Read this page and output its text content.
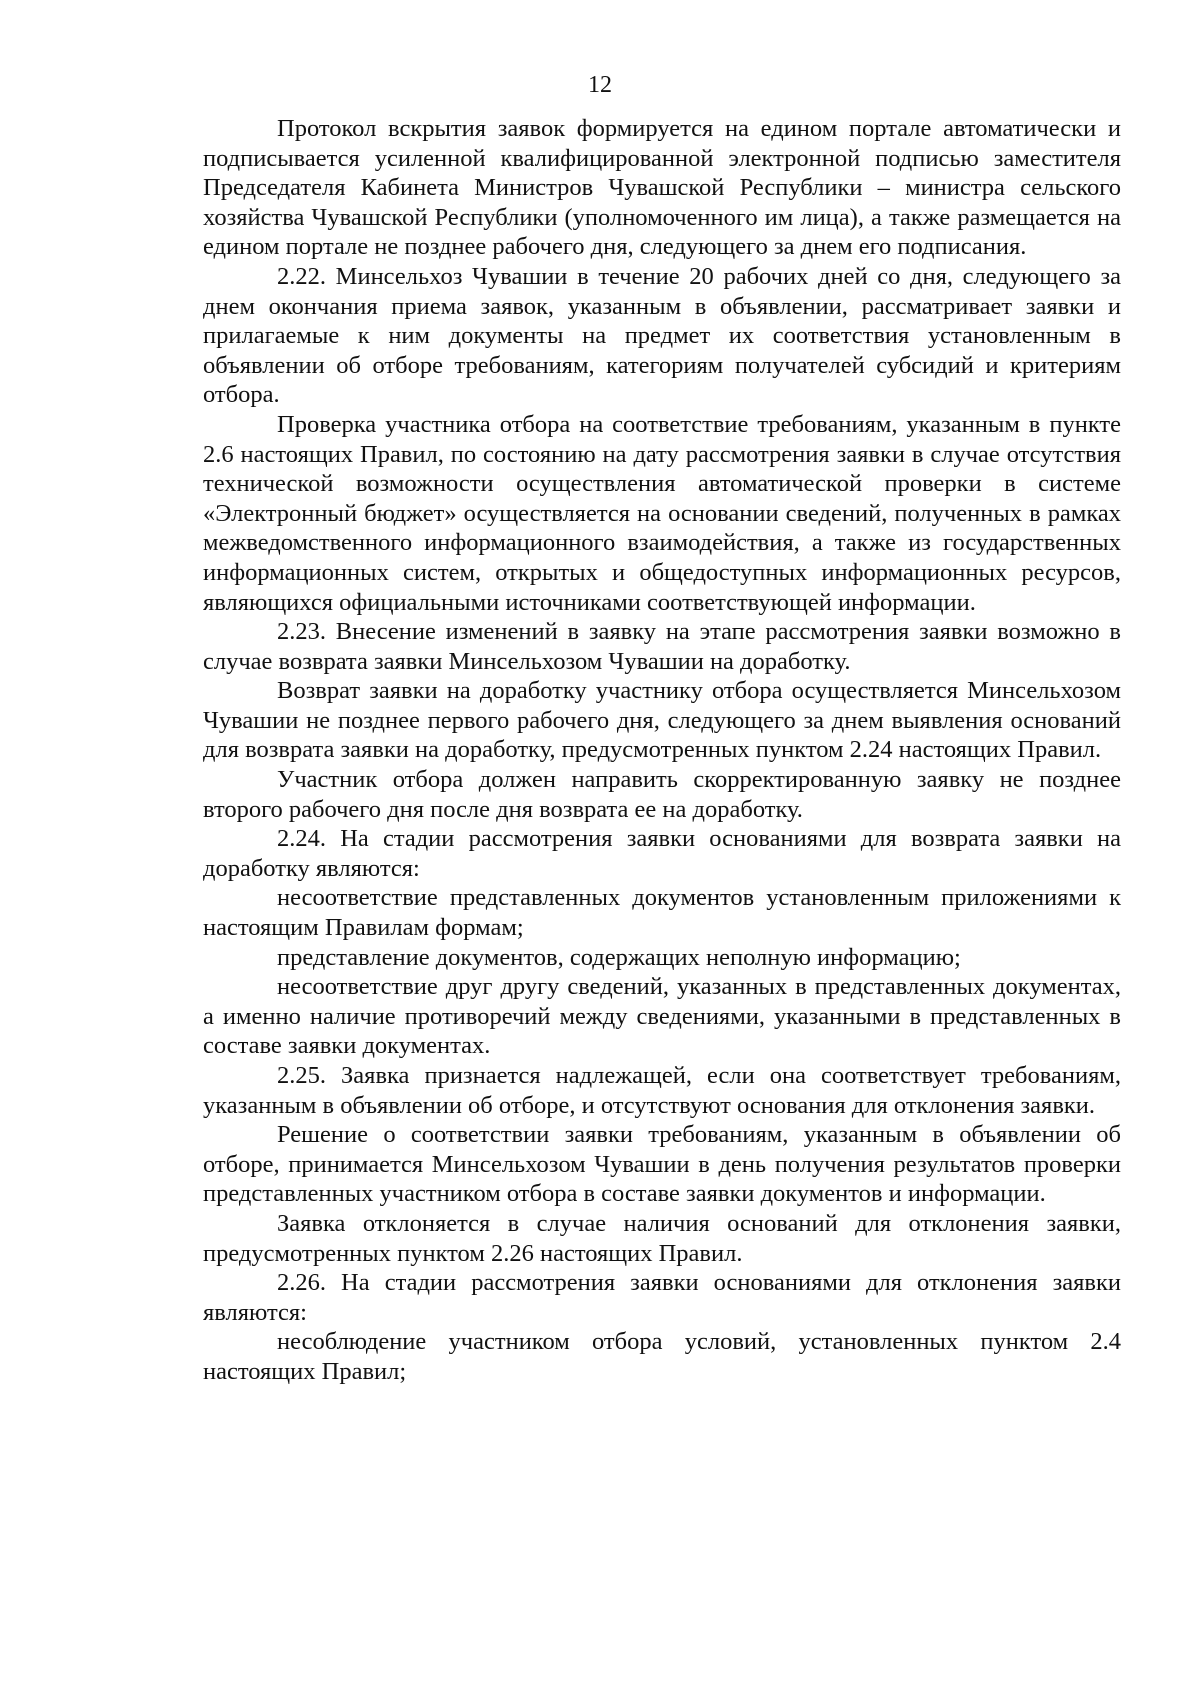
12

Протокол вскрытия заявок формируется на едином портале автоматически и подписывается усиленной квалифицированной электронной подписью заместителя Председателя Кабинета Министров Чувашской Республики – министра сельского хозяйства Чувашской Республики (уполномоченного им лица), а также размещается на едином портале не позднее рабочего дня, следующего за днем его подписания.

2.22. Минсельхоз Чувашии в течение 20 рабочих дней со дня, следующего за днем окончания приема заявок, указанным в объявлении, рассматривает заявки и прилагаемые к ним документы на предмет их соответствия установленным в объявлении об отборе требованиям, категориям получателей субсидий и критериям отбора.

Проверка участника отбора на соответствие требованиям, указанным в пункте 2.6 настоящих Правил, по состоянию на дату рассмотрения заявки в случае отсутствия технической возможности осуществления автоматической проверки в системе «Электронный бюджет» осуществляется на основании сведений, полученных в рамках межведомственного информационного взаимодействия, а также из государственных информационных систем, открытых и общедоступных информационных ресурсов, являющихся официальными источниками соответствующей информации.

2.23. Внесение изменений в заявку на этапе рассмотрения заявки возможно в случае возврата заявки Минсельхозом Чувашии на доработку.

Возврат заявки на доработку участнику отбора осуществляется Минсельхозом Чувашии не позднее первого рабочего дня, следующего за днем выявления оснований для возврата заявки на доработку, предусмотренных пунктом 2.24 настоящих Правил.

Участник отбора должен направить скорректированную заявку не позднее второго рабочего дня после дня возврата ее на доработку.

2.24. На стадии рассмотрения заявки основаниями для возврата заявки на доработку являются:

несоответствие представленных документов установленным приложениями к настоящим Правилам формам;

представление документов, содержащих неполную информацию;

несоответствие друг другу сведений, указанных в представленных документах, а именно наличие противоречий между сведениями, указанными в представленных в составе заявки документах.

2.25. Заявка признается надлежащей, если она соответствует требованиям, указанным в объявлении об отборе, и отсутствуют основания для отклонения заявки.

Решение о соответствии заявки требованиям, указанным в объявлении об отборе, принимается Минсельхозом Чувашии в день получения результатов проверки представленных участником отбора в составе заявки документов и информации.

Заявка отклоняется в случае наличия оснований для отклонения заявки, предусмотренных пунктом 2.26 настоящих Правил.

2.26. На стадии рассмотрения заявки основаниями для отклонения заявки являются:

несоблюдение участником отбора условий, установленных пунктом 2.4 настоящих Правил;
